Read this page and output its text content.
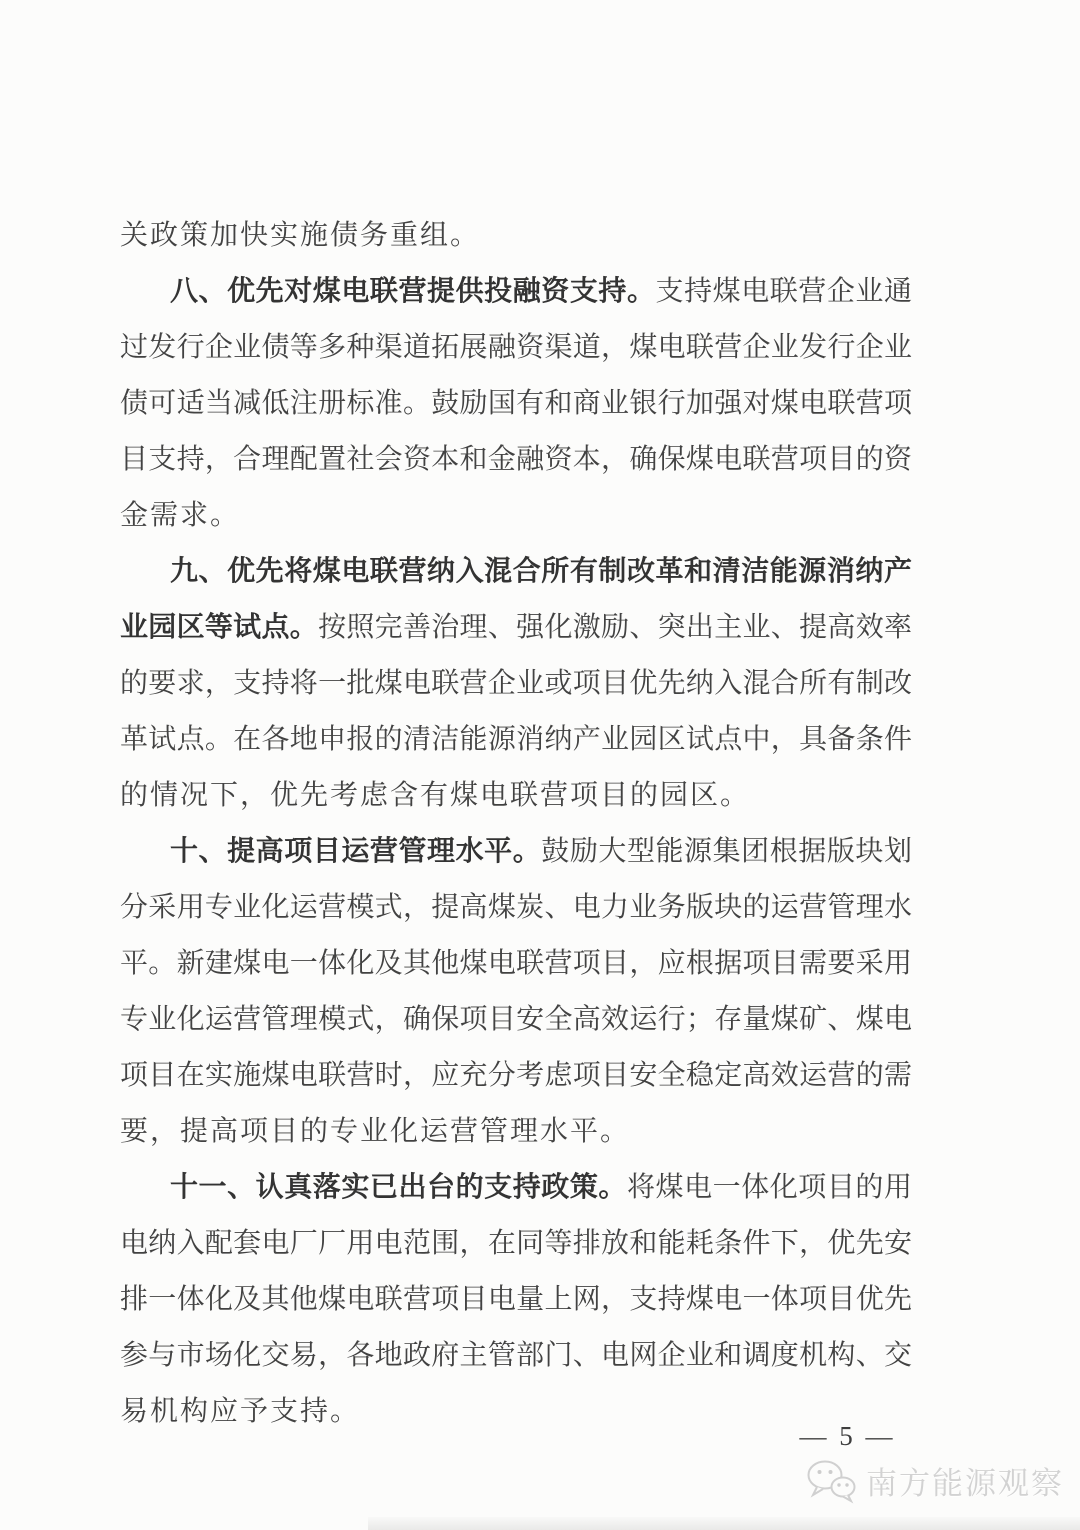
关政策加快实施债务重组。
八、优先对煤电联营提供投融资支持。支持煤电联营企业通
过发行企业债等多种渠道拓展融资渠道，煤电联营企业发行企业
债可适当减低注册标准。鼓励国有和商业银行加强对煤电联营项
目支持，合理配置社会资本和金融资本，确保煤电联营项目的资
金需求。
九、优先将煤电联营纳入混合所有制改革和清洁能源消纳产
业园区等试点。按照完善治理、强化激励、突出主业、提高效率
的要求，支持将一批煤电联营企业或项目优先纳入混合所有制改
革试点。在各地申报的清洁能源消纳产业园区试点中，具备条件
的情况下，优先考虑含有煤电联营项目的园区。
十、提高项目运营管理水平。鼓励大型能源集团根据版块划
分采用专业化运营模式，提高煤炭、电力业务版块的运营管理水
平。新建煤电一体化及其他煤电联营项目，应根据项目需要采用
专业化运营管理模式，确保项目安全高效运行；存量煤矿、煤电
项目在实施煤电联营时，应充分考虑项目安全稳定高效运营的需
要，提高项目的专业化运营管理水平。
十一、认真落实已出台的支持政策。将煤电一体化项目的用
电纳入配套电厂厂用电范围，在同等排放和能耗条件下，优先安
排一体化及其他煤电联营项目电量上网，支持煤电一体项目优先
参与市场化交易，各地政府主管部门、电网企业和调度机构、交
易机构应予支持。
— 5 —
南方能源观察
